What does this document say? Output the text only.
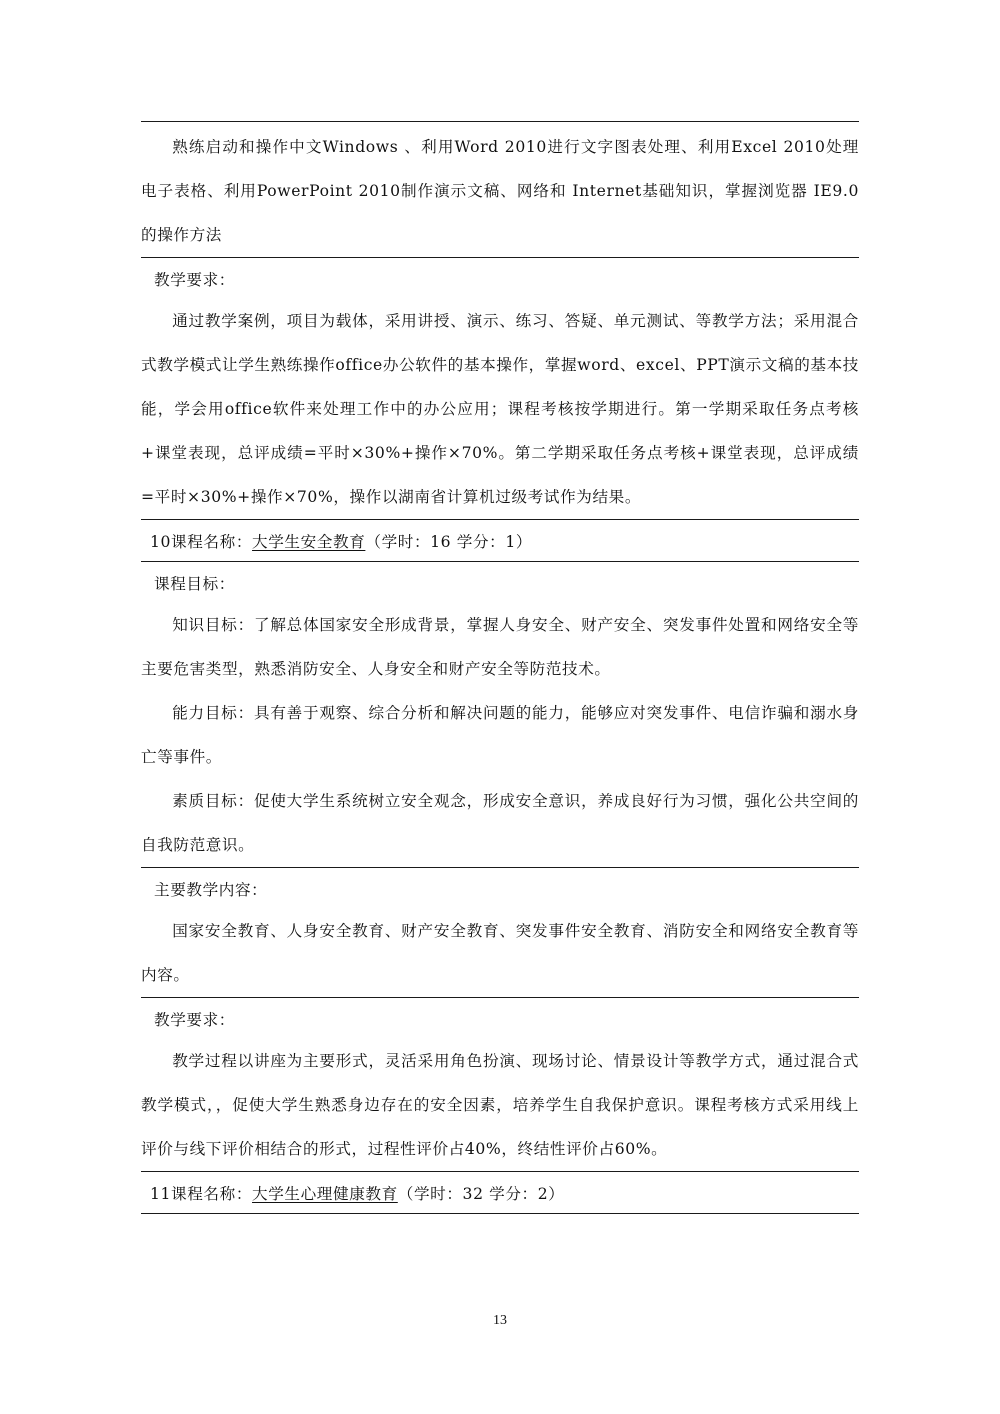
熟练启动和操作中文Windows 、利用Word 2010进行文字图表处理、利用Excel 2010处理电子表格、利用PowerPoint 2010制作演示文稿、网络和 Internet基础知识，掌握浏览器 IE9.0的操作方法

教学要求：

通过教学案例，项目为载体，采用讲授、演示、练习、答疑、单元测试、等教学方法；采用混合式教学模式让学生熟练操作office办公软件的基本操作，掌握word、excel、PPT演示文稿的基本技能，学会用office软件来处理工作中的办公应用；课程考核按学期进行。第一学期采取任务点考核+课堂表现，总评成绩=平时×30%+操作×70%。第二学期采取任务点考核+课堂表现，总评成绩=平时×30%+操作×70%，操作以湖南省计算机过级考试作为结果。

10课程名称：大学生安全教育（学时：16 学分：1）

课程目标：

知识目标：了解总体国家安全形成背景，掌握人身安全、财产安全、突发事件处置和网络安全等主要危害类型，熟悉消防安全、人身安全和财产安全等防范技术。

能力目标：具有善于观察、综合分析和解决问题的能力，能够应对突发事件、电信诈骗和溺水身亡等事件。

素质目标：促使大学生系统树立安全观念，形成安全意识，养成良好行为习惯，强化公共空间的自我防范意识。

主要教学内容：

国家安全教育、人身安全教育、财产安全教育、突发事件安全教育、消防安全和网络安全教育等内容。

教学要求：

教学过程以讲座为主要形式，灵活采用角色扮演、现场讨论、情景设计等教学方式，通过混合式教学模式，，促使大学生熟悉身边存在的安全因素，培养学生自我保护意识。课程考核方式采用线上评价与线下评价相结合的形式，过程性评价占40%，终结性评价占60%。

11课程名称：大学生心理健康教育（学时：32 学分：2）

13
